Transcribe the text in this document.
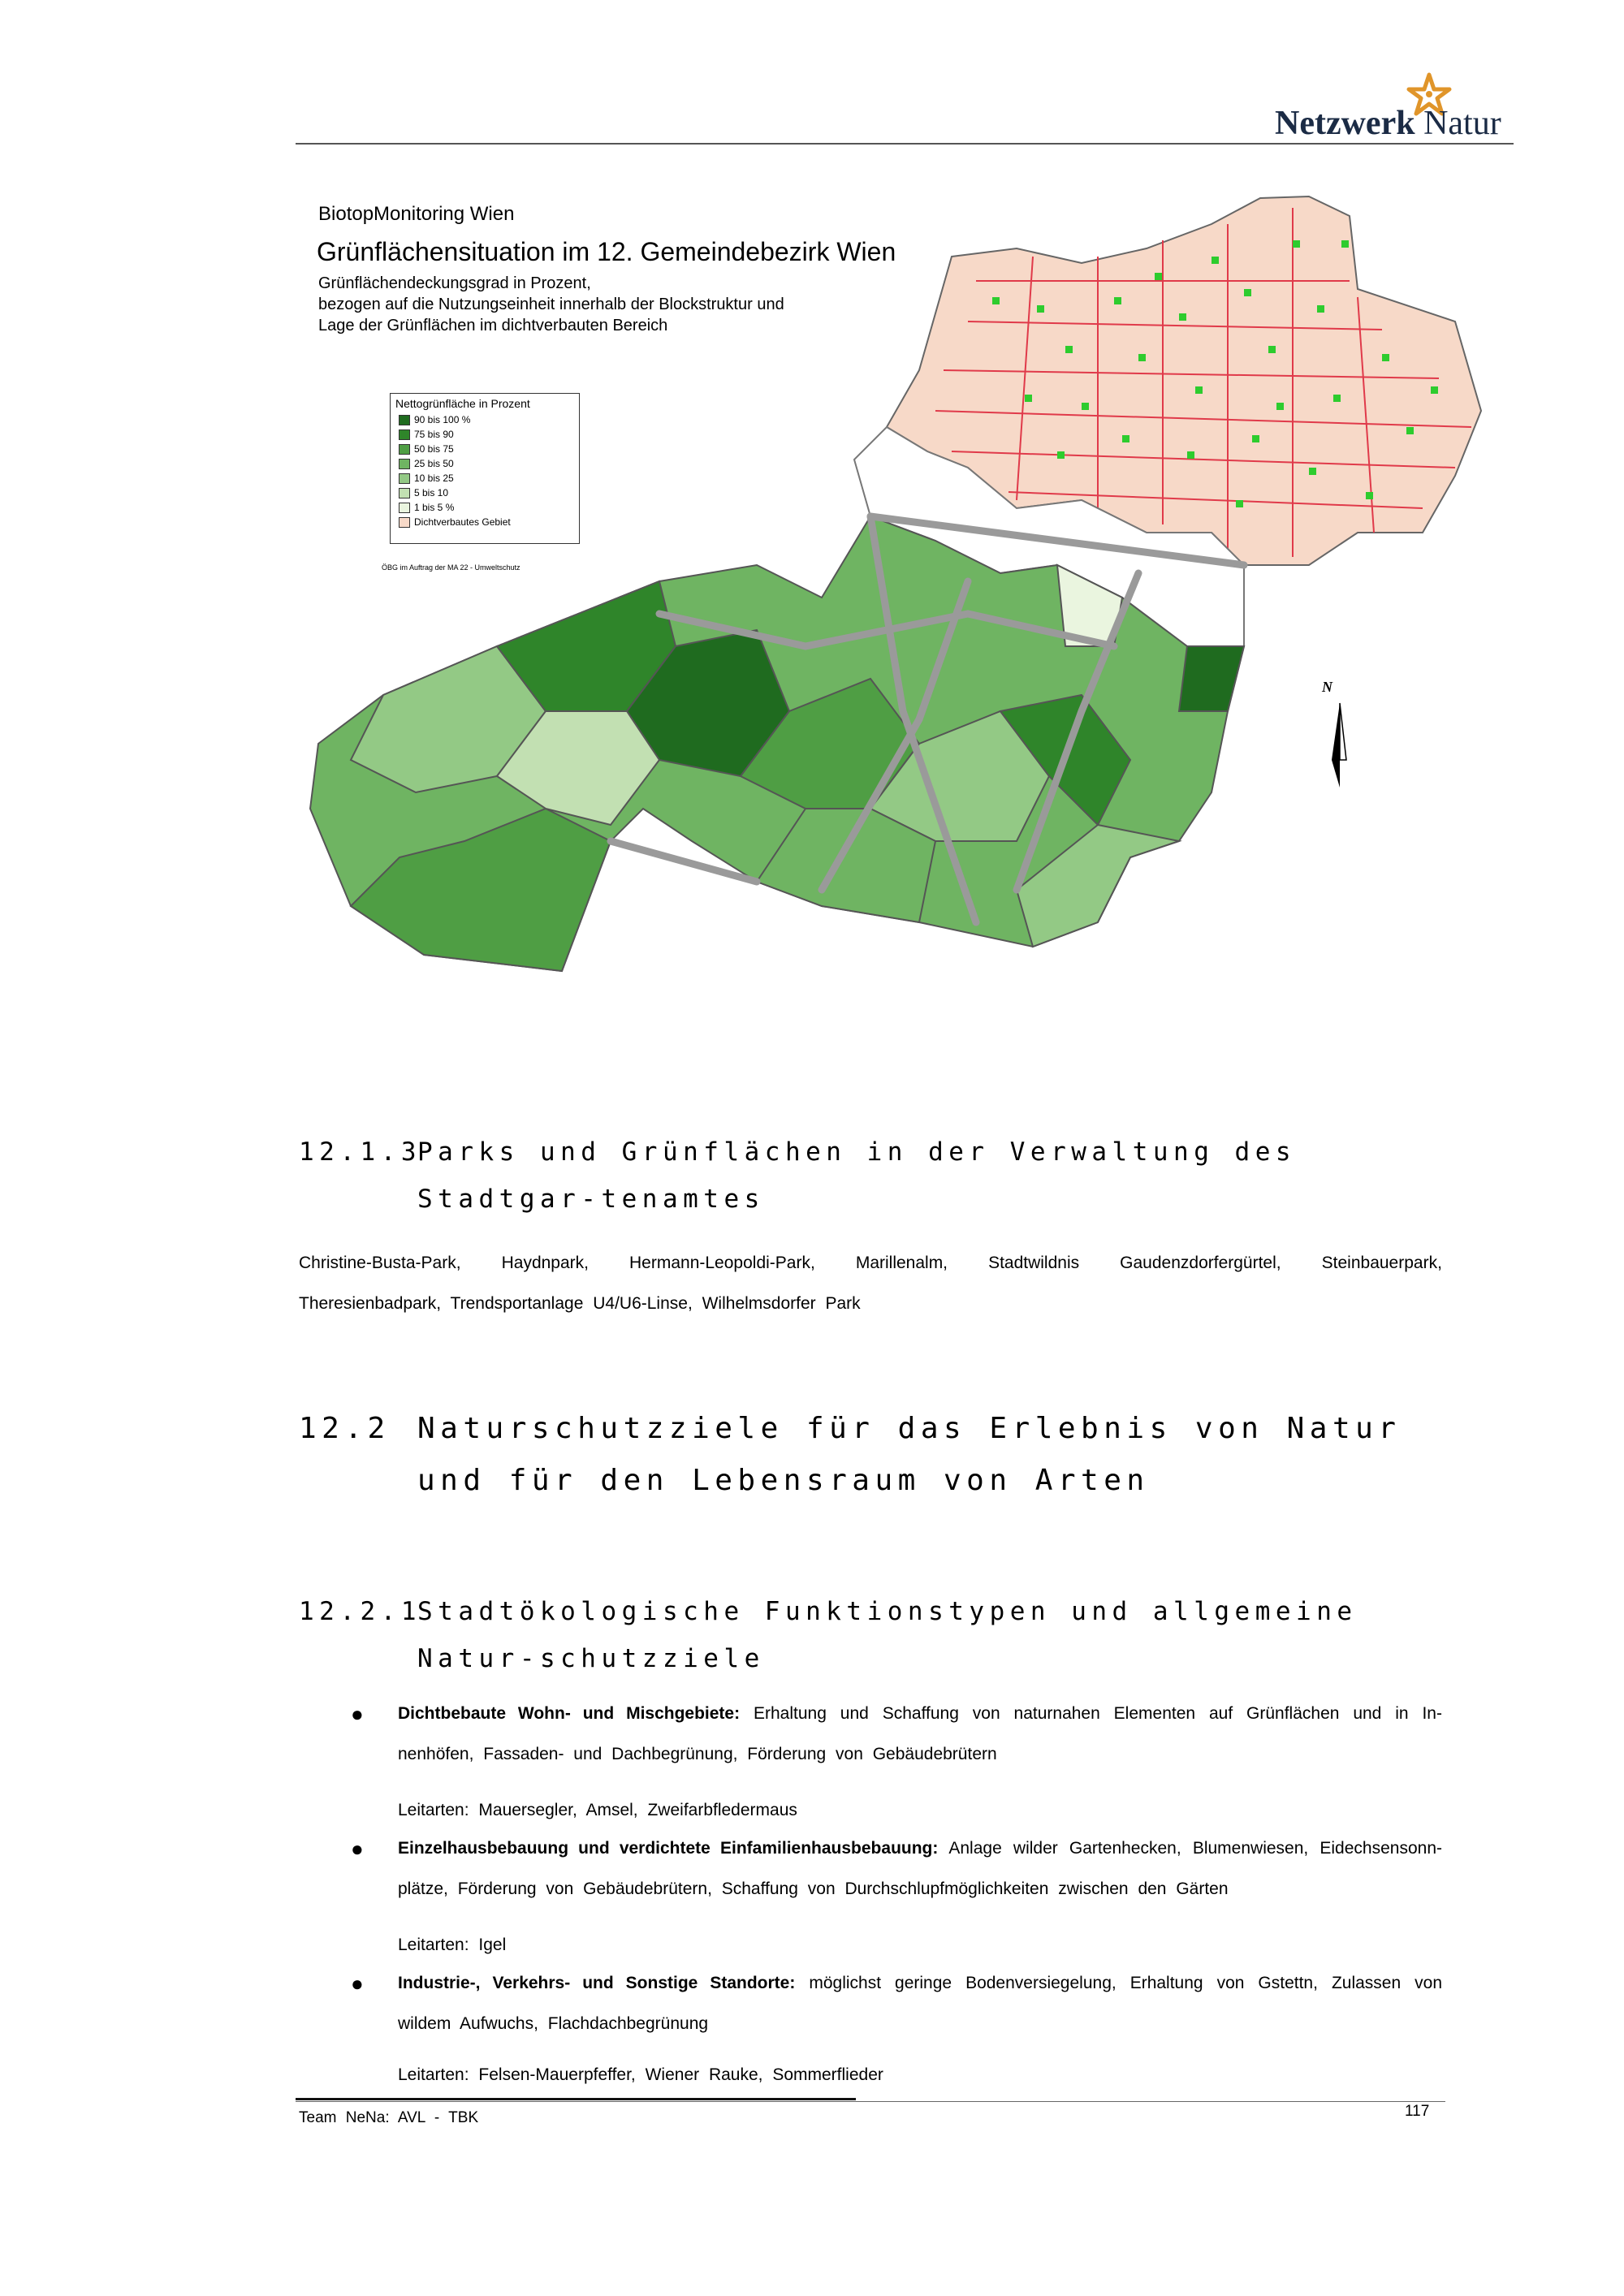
Netzwerk Natur
BiotopMonitoring Wien
Grünflächensituation im 12. Gemeindebezirk Wien
Grünflächendeckungsgrad in Prozent,
bezogen auf die Nutzungseinheit innerhalb der Blockstruktur und
Lage der Grünflächen im dichtverbauten Bereich
Nettogrünfläche in Prozent
90 bis 100 %
75 bis 90
50 bis 75
25 bis 50
10 bis 25
5 bis 10
1 bis 5 %
Dichtverbautes Gebiet
ÖBG im Auftrag der MA 22 - Umweltschutz
N
12.1.3
Parks und Grünflächen in der Verwaltung des Stadtgar-tenamtes
Christine-Busta-Park, Haydnpark, Hermann-Leopoldi-Park, Marillenalm, Stadtwildnis Gaudenzdorfergürtel, Steinbauerpark,
Theresienbadpark, Trendsportanlage U4/U6-Linse, Wilhelmsdorfer Park
12.2 Naturschutzziele für das Erlebnis von Natur und für den Lebensraum von Arten
12.2.1
Stadtökologische Funktionstypen und allgemeine Natur-schutzziele
● Dichtbebaute Wohn- und Mischgebiete: Erhaltung und Schaffung von naturnahen Elementen auf Grünflächen und in In-nenhöfen, Fassaden- und Dachbegrünung, Förderung von Gebäudebrütern
Leitarten: Mauersegler, Amsel, Zweifarbfledermaus
● Einzelhausbebauung und verdichtete Einfamilienhausbebauung: Anlage wilder Gartenhecken, Blumenwiesen, Eidechsensonn-plätze, Förderung von Gebäudebrütern, Schaffung von Durchschlupfmöglichkeiten zwischen den Gärten
Leitarten: Igel
● Industrie-, Verkehrs- und Sonstige Standorte: möglichst geringe Bodenversiegelung, Erhaltung von Gstettn, Zulassen von wildem Aufwuchs, Flachdachbegrünung
Leitarten: Felsen-Mauerpfeffer, Wiener Rauke, Sommerflieder
Team NeNa: AVL - TBK	117
